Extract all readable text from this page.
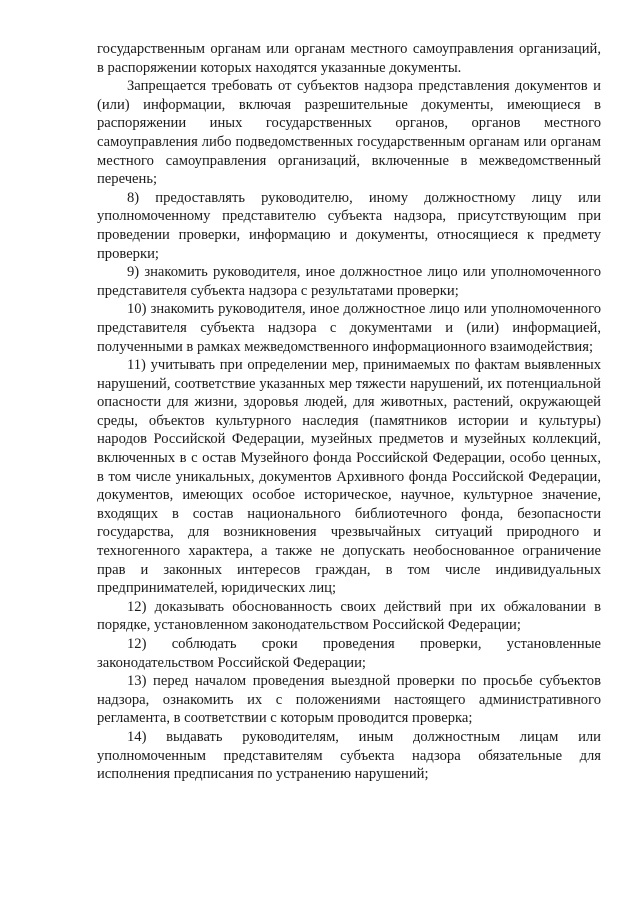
государственным органам или органам местного самоуправления организаций, в распоряжении которых находятся указанные документы.

Запрещается требовать от субъектов надзора представления документов и (или) информации, включая разрешительные документы, имеющиеся в распоряжении иных государственных органов, органов местного самоуправления либо подведомственных государственным органам или органам местного самоуправления организаций, включенные в межведомственный перечень;

8) предоставлять руководителю, иному должностному лицу или уполномоченному представителю субъекта надзора, присутствующим при проведении проверки, информацию и документы, относящиеся к предмету проверки;

9) знакомить руководителя, иное должностное лицо или уполномоченного представителя субъекта надзора с результатами проверки;

10) знакомить руководителя, иное должностное лицо или уполномоченного представителя субъекта надзора с документами и (или) информацией, полученными в рамках межведомственного информационного взаимодействия;

11) учитывать при определении мер, принимаемых по фактам выявленных нарушений, соответствие указанных мер тяжести нарушений, их потенциальной опасности для жизни, здоровья людей, для животных, растений, окружающей среды, объектов культурного наследия (памятников истории и культуры) народов Российской Федерации, музейных предметов и музейных коллекций, включенных в с остав Музейного фонда Российской Федерации, особо ценных, в том числе уникальных, документов Архивного фонда Российской Федерации, документов, имеющих особое историческое, научное, культурное значение, входящих в состав национального библиотечного фонда, безопасности государства, для возникновения чрезвычайных ситуаций природного и техногенного характера, а также не допускать необоснованное ограничение прав и законных интересов граждан, в том числе индивидуальных предпринимателей, юридических лиц;

12) доказывать обоснованность своих действий при их обжаловании в порядке, установленном законодательством Российской Федерации;

12) соблюдать сроки проведения проверки, установленные законодательством Российской Федерации;

13) перед началом проведения выездной проверки по просьбе субъектов надзора, ознакомить их с положениями настоящего административного регламента, в соответствии с которым проводится проверка;

14) выдавать руководителям, иным должностным лицам или уполномоченным представителям субъекта надзора обязательные для исполнения предписания по устранению нарушений;
